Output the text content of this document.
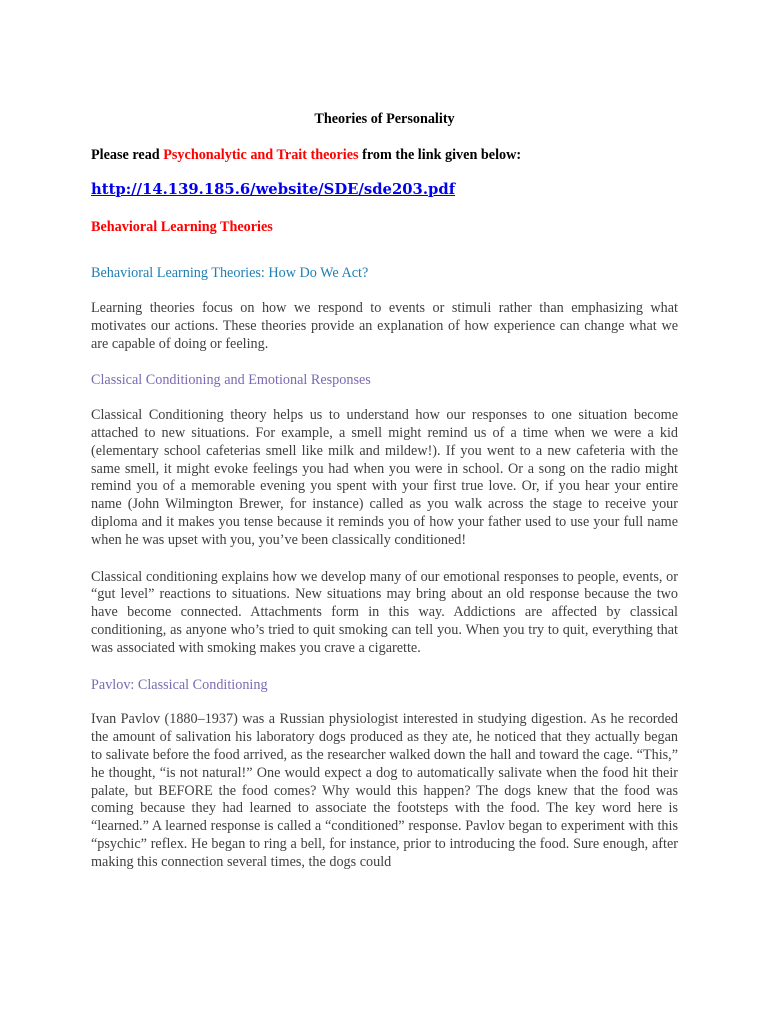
Theories of Personality

Please read Psychonalytic and Trait theories from the link given below:

http://14.139.185.6/website/SDE/sde203.pdf

Behavioral Learning Theories

Behavioral Learning Theories: How Do We Act?

Learning theories focus on how we respond to events or stimuli rather than emphasizing what motivates our actions. These theories provide an explanation of how experience can change what we are capable of doing or feeling.

Classical Conditioning and Emotional Responses

Classical Conditioning theory helps us to understand how our responses to one situation become attached to new situations. For example, a smell might remind us of a time when we were a kid (elementary school cafeterias smell like milk and mildew!). If you went to a new cafeteria with the same smell, it might evoke feelings you had when you were in school. Or a song on the radio might remind you of a memorable evening you spent with your first true love. Or, if you hear your entire name (John Wilmington Brewer, for instance) called as you walk across the stage to receive your diploma and it makes you tense because it reminds you of how your father used to use your full name when he was upset with you, you’ve been classically conditioned!

Classical conditioning explains how we develop many of our emotional responses to people, events, or “gut level” reactions to situations. New situations may bring about an old response because the two have become connected. Attachments form in this way. Addictions are affected by classical conditioning, as anyone who’s tried to quit smoking can tell you. When you try to quit, everything that was associated with smoking makes you crave a cigarette.

Pavlov: Classical Conditioning

Ivan Pavlov (1880–1937) was a Russian physiologist interested in studying digestion. As he recorded the amount of salivation his laboratory dogs produced as they ate, he noticed that they actually began to salivate before the food arrived, as the researcher walked down the hall and toward the cage. “This,” he thought, “is not natural!” One would expect a dog to automatically salivate when the food hit their palate, but BEFORE the food comes? Why would this happen? The dogs knew that the food was coming because they had learned to associate the footsteps with the food. The key word here is “learned.” A learned response is called a “conditioned” response. Pavlov began to experiment with this “psychic” reflex. He began to ring a bell, for instance, prior to introducing the food. Sure enough, after making this connection several times, the dogs could
